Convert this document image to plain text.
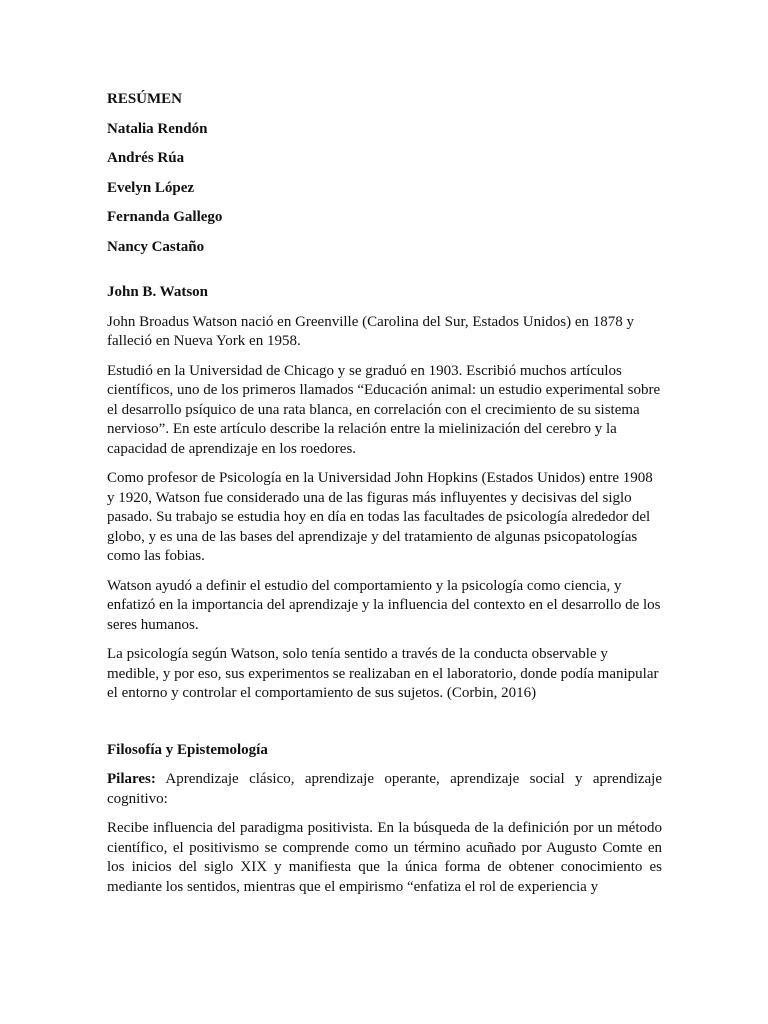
RESÚMEN
Natalia Rendón
Andrés Rúa
Evelyn López
Fernanda Gallego
Nancy Castaño
John B. Watson

John Broadus Watson nació en Greenville (Carolina del Sur, Estados Unidos) en 1878 y falleció en Nueva York en 1958.

Estudió en la Universidad de Chicago y se graduó en 1903. Escribió muchos artículos científicos, uno de los primeros llamados “Educación animal: un estudio experimental sobre el desarrollo psíquico de una rata blanca, en correlación con el crecimiento de su sistema nervioso”. En este artículo describe la relación entre la mielinización del cerebro y la capacidad de aprendizaje en los roedores.

Como profesor de Psicología en la Universidad John Hopkins (Estados Unidos) entre 1908 y 1920, Watson fue considerado una de las figuras más influyentes y decisivas del siglo pasado. Su trabajo se estudia hoy en día en todas las facultades de psicología alrededor del globo, y es una de las bases del aprendizaje y del tratamiento de algunas psicopatologías como las fobias.

Watson ayudó a definir el estudio del comportamiento y la psicología como ciencia, y enfatizó en la importancia del aprendizaje y la influencia del contexto en el desarrollo de los seres humanos.

La psicología según Watson, solo tenía sentido a través de la conducta observable y medible, y por eso, sus experimentos se realizaban en el laboratorio, donde podía manipular el entorno y controlar el comportamiento de sus sujetos. (Corbin, 2016)

Filosofía y Epistemología

Pilares: Aprendizaje clásico, aprendizaje operante, aprendizaje social y aprendizaje cognitivo:

Recibe influencia del paradigma positivista. En la búsqueda de la definición por un método científico, el positivismo se comprende como un término acuñado por Augusto Comte en los inicios del siglo XIX y manifiesta que la única forma de obtener conocimiento es mediante los sentidos, mientras que el empirismo “enfatiza el rol de experiencia y
